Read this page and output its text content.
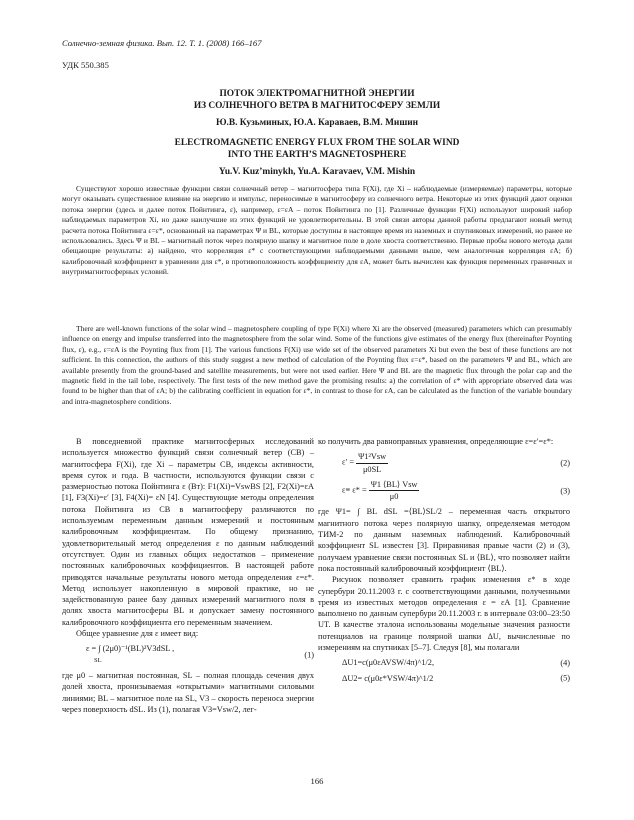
Солнечно-земная физика. Вып. 12. Т. 1. (2008) 166–167
УДК 550.385
ПОТОК ЭЛЕКТРОМАГНИТНОЙ ЭНЕРГИИ
ИЗ СОЛНЕЧНОГО ВЕТРА В МАГНИТОСФЕРУ ЗЕМЛИ
Ю.В. Кузьминых, Ю.А. Караваев, В.М. Мишин
ELECTROMAGNETIC ENERGY FLUX FROM THE SOLAR WIND
INTO THE EARTH’S MAGNETOSPHERE
Yu.V. Kuz’minykh, Yu.A. Karavaev, V.M. Mishin
Существуют хорошо известные функции связи солнечный ветер – магнитосфера типа F(Xi), где Xi – наблюдаемые (измеряемые) параметры, которые могут оказывать существенное влияние на энергию и импульс, переносимые в магнитосферу из солнечного ветра. Некоторые из этих функций дают оценки потока энергии (здесь и далее поток Пойнтинга, ε), например, ε=εA – поток Пойнтинга по [1]. Различные функции F(Xi) используют широкий набор наблюдаемых параметров Xi, но даже наилучшие из этих функций не удовлетворительны. В этой связи авторы данной работы предлагают новый метод расчета потока Пойнтинга ε=ε*, основанный на параметрах Ψ и BL, которые доступны в настоящее время из наземных и спутниковых измерений, но ранее не использовались. Здесь Ψ и BL – магнитный поток через полярную шапку и магнитное поле в доле хвоста соответственно. Первые пробы нового метода дали обещающие результаты: а) найдено, что корреляция ε* с соответствующими наблюдаемыми данными выше, чем аналогичная корреляция εA; б) калибровочный коэффициент в уравнении для ε*, в противоположность коэффициенту для εA, может быть вычислен как функция переменных граничных и внутримагнитосферных условий.
There are well-known functions of the solar wind – magnetosphere coupling of type F(Xi) where Xi are the observed (measured) parameters which can presumably influence on energy and impulse transferred into the magnetosphere from the solar wind. Some of the functions give estimates of the energy flux (thereinafter Poynting flux, ε), e.g., ε=εA is the Poynting flux from [1]. The various functions F(Xi) use wide set of the observed parameters Xi but even the best of these functions are not sufficient. In this connection, the authors of this study suggest a new method of calculation of the Poynting flux ε=ε*, based on the parameters Ψ and BL, which are available presently from the ground-based and satellite measurements, but were not used earlier. Here Ψ and BL are the magnetic flux through the polar cap and the magnetic field in the tail lobe, respectively. The first tests of the new method gave the promising results: a) the correlation of ε* with appropriate observed data was found to be higher than that of εA; b) the calibrating coefficient in equation for ε*, in contrast to those for εA, can be calculated as the function of the variable boundary and intra-magnetosphere conditions.

В повседневной практике магнитосферных исследований используется множество функций связи солнечный ветер (СВ) – магнитосфера F(Xi), где Xi – параметры СВ, индексы активности, время суток и года. В частности, используются функции связи с размерностью потока Пойнтинга ε (Вт): F1(Xi)=VswBS [2], F2(Xi)=εA [1], F3(Xi)=ε′ [3], F4(Xi)= εN [4]. Существующие методы определения потока Пойнтинга из СВ в магнитосферу различаются по используемым переменным данным измерений и постоянным калибровочным коэффициентам. По общему признанию, удовлетворительный метод определения ε по данным наблюдений отсутствует. Один из главных общих недостатков – применение постоянных калибровочных коэффициентов. В настоящей работе приводятся начальные результаты нового метода определения ε=ε*. Метод использует накопленную в мировой практике, но не задействованную ранее базу данных измерений магнитного поля в долях хвоста магнитосферы BL и допускает замену постоянного калибровочного коэффициента его переменным значением.

Общее уравнение для ε имеет вид:

ε = ∫ (2μ0)⁻¹(BL)²V3dSL ,
SL
(1)

где μ0 – магнитная постоянная, SL – полная площадь сечения двух долей хвоста, пронизываемая «открытыми» магнитными силовыми линиями; BL – магнитное поле на SL, V3 – скорость переноса энергии через поверхность dSL. Из (1), полагая V3=Vsw/2, лег-

ко получить два равноправных уравнения, определяющие ε=ε′=ε*:

$\varepsilon' = \frac{\text{Ψ1²Vsw}}{\mu 0SL}$	(2)
$\varepsilon\equiv \varepsilon* = \frac{\text{Ψ1 ⟨BL⟩ Vsw}}{\mu 0}$	(3)

где Ψ1= ∫ BL dSL =⟨BL⟩SL/2 – переменная часть открытого магнитного потока через полярную шапку, определяемая методом ТИМ-2 по данным наземных наблюдений. Калибровочный коэффициент SL известен [3]. Приравнивая правые части (2) и (3), получаем уравнение связи постоянных SL и ⟨BL⟩, что позволяет найти пока постоянный калибровочный коэффициент ⟨BL⟩.

Рисунок позволяет сравнить график изменения ε* в ходе супербури 20.11.2003 г. с соответствующими данными, полученными тремя из известных методов определения ε = εA [1]. Сравнение выполнено по данным супербури 20.11.2003 г. в интервале 03:00–23:50 UT. В качестве эталона использованы модельные значения разности потенциалов на границе полярной шапки ΔU, вычисленные по измерениям на спутниках [5–7]. Следуя [8], мы полагали

ΔU1=c(μ0εAVSW/4π)^1/2,	(4)
ΔU2= c(μ0ε*VSW/4π)^1/2	(5)
166
